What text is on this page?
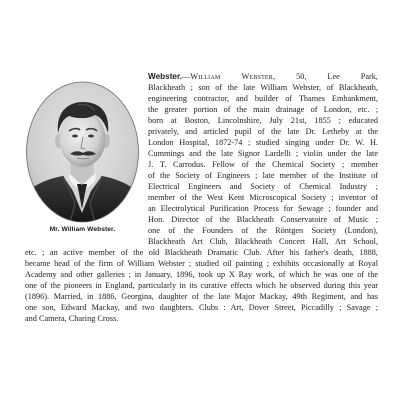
Mr. William Webster.
Webster.—William Webster, 50, Lee Park,
Blackheath ; son of the late William Webster, of Blackheath,
engineering contractor, and builder of Thames Embankment,
the greater portion of the main drainage of London, etc. ;
born at Boston, Lincolnshire, July 21st, 1855 ; educated
privately, and articled pupil of the late Dr. Letheby at the
London Hospital, 1872-74 ; studied singing under Dr. W. H.
Cummings and the late Signor Lardelli ; violin under the late
J. T. Carrodus. Fellow of the Chemical Society ; member
of the Society of Engineers ; late member of the Institute of
Electrical Engineers and Society of Chemical Industry ;
member of the West Kent Microscopical Society ; inventor of
an Electrolytical Purification Process for Sewage ; founder and
Hon. Director of the Blackheath Conservatoire of Music ;
one of the Founders of the Röntgen Society (London),
Blackheath Art Club, Blackheath Concert Hall, Art School,
etc. ; an active member of the old Blackheath Dramatic Club. After his father's death, 1888,
became head of the firm of William Webster ; studied oil painting ; exhibits occasionally at Royal
Academy and other galleries ; in January, 1896, took up X Ray work, of which he was one of the
one of the pioneers in England, particularly in its curative effects which he observed during this year
(1896). Married, in 1886, Georgina, daughter of the late Major Mackay, 49th Regiment, and has
one son, Edward Mackay, and two daughters. Clubs : Art, Dover Street, Piccadilly ; Savage ;
and Camera, Charing Cross.
